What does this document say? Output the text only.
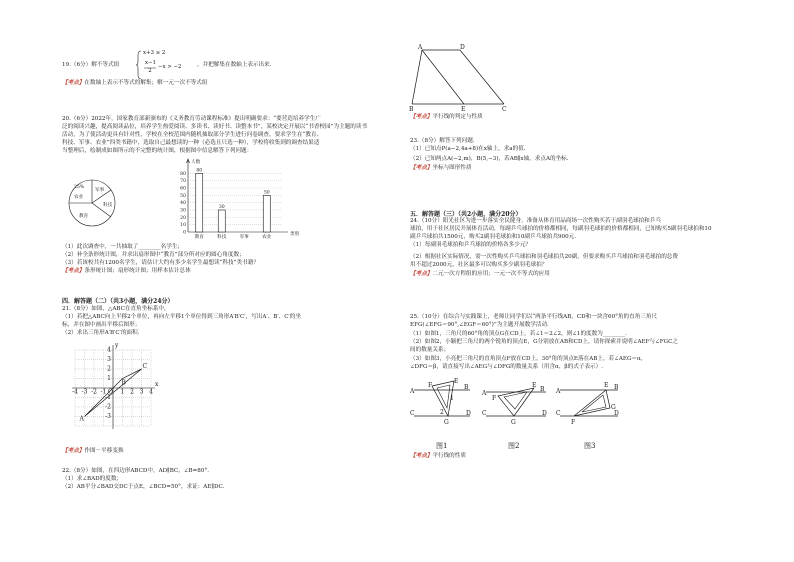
19.（6分）解不等式组
x+3 ≥ 2
x−1
2
−x > −2	，并把解集在数轴上表示出来.
【考点】在数轴上表示不等式的解集；解一元一次不等式组
20.（6分）2022年，国家教育部新颁布的《义务教育劳动课程标准》提出明确要求：“要营造培养学生广
泛的阅读兴趣，提高阅读品位，培养学生热爱阅读、多读书、读好书、读整本书”，某校决定开展以“书香校园”为主题的读书
活动，为了使活动更具有针对性，学校在全校范围内随机抽取部分学生进行问卷调查，要求学生在“教育、
科技、军事、农业”四类书籍中，选取自己最想读的一种（必选且只选一种），学校将收集到的调查结果适
当整理后，绘制成如图所示的不完整的统计图，根据图中信息解答下列问题：
25%
农业
军事
科技
教育
人数
类别
0
10
20
30
40
50
60
70
80
80
教育
30
科技	军事
50
农业
（1）此次调查中，一共抽取了________名学生；
（2）补全条形统计图，并求出扇形图中“教育”部分所对应的圆心角度数；
（3）若该校共有1200名学生，请估计大约有多少名学生最想读“科技”类书籍？
【考点】条形统计图；扇形统计图；用样本估计总体
四．解答题（二）（共3小题，满分24分）
21.（8分）如图，△ABC在直角坐标系中，
（1）若把△ABC向上平移2个单位，再向左平移1个单位得到三角形A′B′C′，写出A′、B′、C′的坐
标，并在图中画出平移后图形；
（2）求出三角形A′B′C′的面积.
x
y
-4 -3 -2 -1 1 2 3 4
4
3
2
1
-1
-2
-3
A
B
C
O
【考点】作图－平移变换
22.（8分）如图，在四边形ABCD中，AD∥BC，∠B=80°.
（1）求∠BAD的度数；
（2）AB平分∠BAD交DC于点E，∠BCD=50°，求证：AE∥DC.
A	D
B	E	C
【考点】平行线的判定与性质
23.（8分）解答下列问题.
（1）已知点P(a−2,4a+8)在x轴上，求a的值.
（2）已知两点A(−2,m)，B(5,−3)，若AB∥x轴，求点A的坐标.
【考点】坐标与图形性质
五．解答题（三）（共2小题，满分20分）
24.（10分）阳光社区为进一步落实全民健身，准备从体育用品商场一次性购买若干副羽毛球拍和乒乓
球拍，用于社区居民开展体育活动，每副乒乓球拍的价格都相同，每副羽毛球拍的价格都相同，已知购买5副羽毛球拍和10
副乒乓球拍共1500元，购买2副羽毛球拍和10副乒乓球拍共900元.
（1）每副羽毛球拍和乒乓球拍的价格各多少元？
（2）根据社区实际情况，需一次性购买乒乓球拍和羽毛球拍共20副，但要求购买乒乓球拍和羽毛球拍的总费
用不超过2000元，社区最多可以购买多少副羽毛球拍？
【考点】二元一次方程组的应用；一元一次不等式的应用
25.（10分）在综合与实践课上，老师让同学们以“两条平行线AB，CD和一块含60°角的直角三角尺
EFG(∠EFG＝90°,∠EGF＝60°)”为主题开展数学活动.
（1）如图1，三角尺的60°角的顶点G在CD上，若∠1＝2∠2，则∠1的度数为________.
（2）如图2，小颖把三角尺的两个锐角的顶点E，G分别放在AB和CD上，请你探索并说明∠AEF与∠FGC之
间的数量关系；
（3）如图3，小亮把三角尺的直角顶点F放在CD上，30°角的顶点E落在AB上，若∠AEG＝α，
∠DFG＝β，请直接写出∠AEG与∠DFG的数量关系（用含α，β的式子表示）.
A
B
C	D
G
F
E
1
2
A
B
C	D
F
E
G
A
B
C	D
E
F
G
图1	图2	图3
【考点】平行线的性质
